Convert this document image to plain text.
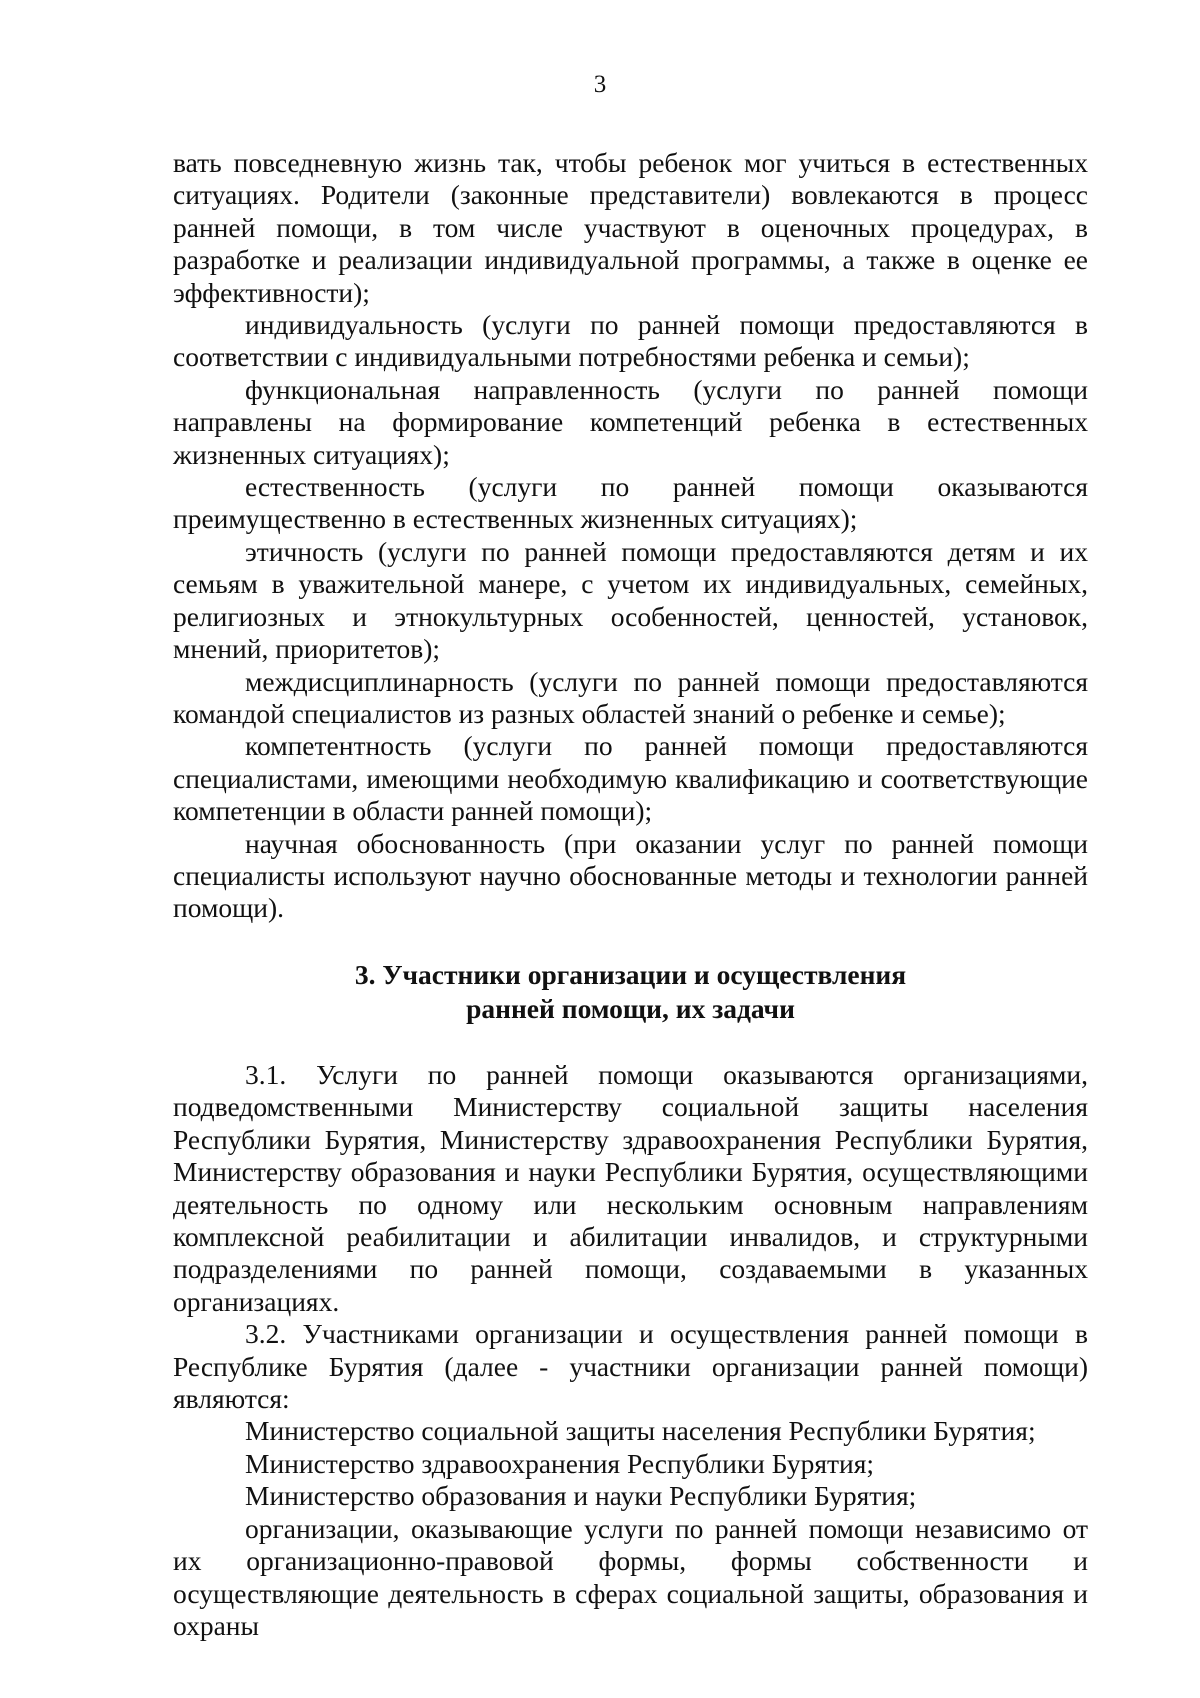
3

вать повседневную жизнь так, чтобы ребенок мог учиться в естественных ситуациях. Родители (законные представители) вовлекаются в процесс ранней помощи, в том числе участвуют в оценочных процедурах, в разработке и реализации индивидуальной программы, а также в оценке ее эффективности);

индивидуальность (услуги по ранней помощи предоставляются в соответствии с индивидуальными потребностями ребенка и семьи);

функциональная направленность (услуги по ранней помощи направлены на формирование компетенций ребенка в естественных жизненных ситуациях);

естественность (услуги по ранней помощи оказываются преимущественно в естественных жизненных ситуациях);

этичность (услуги по ранней помощи предоставляются детям и их семьям в уважительной манере, с учетом их индивидуальных, семейных, религиозных и этнокультурных особенностей, ценностей, установок, мнений, приоритетов);

междисциплинарность (услуги по ранней помощи предоставляются командой специалистов из разных областей знаний о ребенке и семье);

компетентность (услуги по ранней помощи предоставляются специалистами, имеющими необходимую квалификацию и соответствующие компетенции в области ранней помощи);

научная обоснованность (при оказании услуг по ранней помощи специалисты используют научно обоснованные методы и технологии ранней помощи).

3. Участники организации и осуществления
ранней помощи, их задачи

3.1. Услуги по ранней помощи оказываются организациями, подведомственными Министерству социальной защиты населения Республики Бурятия, Министерству здравоохранения Республики Бурятия, Министерству образования и науки Республики Бурятия, осуществляющими деятельность по одному или нескольким основным направлениям комплексной реабилитации и абилитации инвалидов, и структурными подразделениями по ранней помощи, создаваемыми в указанных организациях.

3.2. Участниками организации и осуществления ранней помощи в Республике Бурятия (далее - участники организации ранней помощи) являются:

Министерство социальной защиты населения Республики Бурятия;

Министерство здравоохранения Республики Бурятия;

Министерство образования и науки Республики Бурятия;

организации, оказывающие услуги по ранней помощи независимо от их организационно-правовой формы, формы собственности и осуществляющие деятельность в сферах социальной защиты, образования и охраны
